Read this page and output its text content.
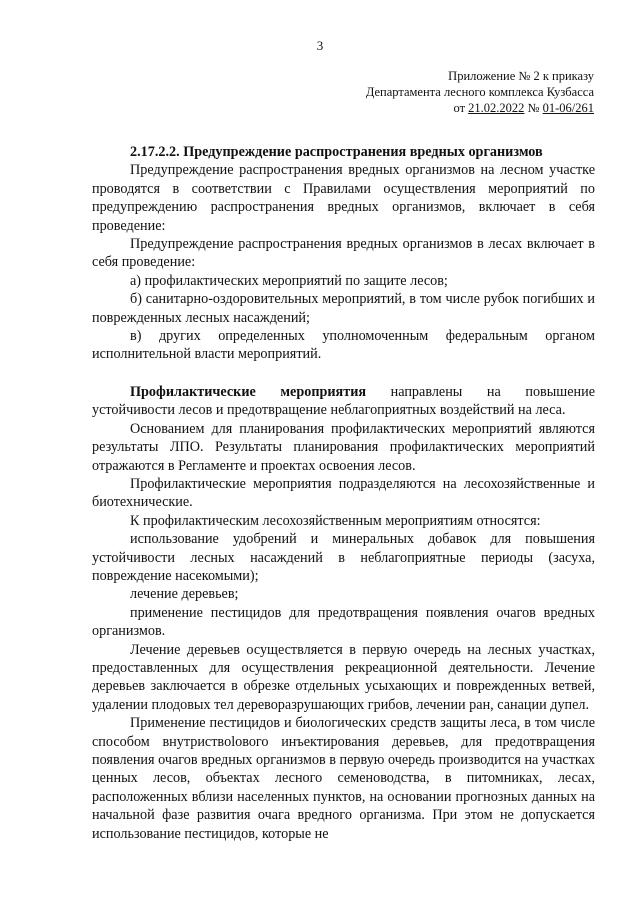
3
Приложение № 2 к приказу
Департамента лесного комплекса Кузбасса
от 21.02.2022 № 01-06/261
2.17.2.2. Предупреждение распространения вредных организмов

Предупреждение распространения вредных организмов на лесном участке проводятся в соответствии с Правилами осуществления мероприятий по предупреждению распространения вредных организмов, включает в себя проведение:

Предупреждение распространения вредных организмов в лесах включает в себя проведение:

а) профилактических мероприятий по защите лесов;

б) санитарно-оздоровительных мероприятий, в том числе рубок погибших и поврежденных лесных насаждений;

в) других определенных уполномоченным федеральным органом исполнительной власти мероприятий.

Профилактические мероприятия направлены на повышение устойчивости лесов и предотвращение неблагоприятных воздействий на леса.

Основанием для планирования профилактических мероприятий являются результаты ЛПО. Результаты планирования профилактических мероприятий отражаются в Регламенте и проектах освоения лесов.

Профилактические мероприятия подразделяются на лесохозяйственные и биотехнические.

К профилактическим лесохозяйственным мероприятиям относятся:

использование удобрений и минеральных добавок для повышения устойчивости лесных насаждений в неблагоприятные периоды (засуха, повреждение насекомыми);

лечение деревьев;

применение пестицидов для предотвращения появления очагов вредных организмов.

Лечение деревьев осуществляется в первую очередь на лесных участках, предоставленных для осуществления рекреационной деятельности. Лечение деревьев заключается в обрезке отдельных усыхающих и поврежденных ветвей, удалении плодовых тел дереворазрушающих грибов, лечении ран, санации дупел.

Применение пестицидов и биологических средств защиты леса, в том числе способом внутриствolового инъектирования деревьев, для предотвращения появления очагов вредных организмов в первую очередь производится на участках ценных лесов, объектах лесного семеноводства, в питомниках, лесах, расположенных вблизи населенных пунктов, на основании прогнозных данных на начальной фазе развития очага вредного организма. При этом не допускается использование пестицидов, которые не
